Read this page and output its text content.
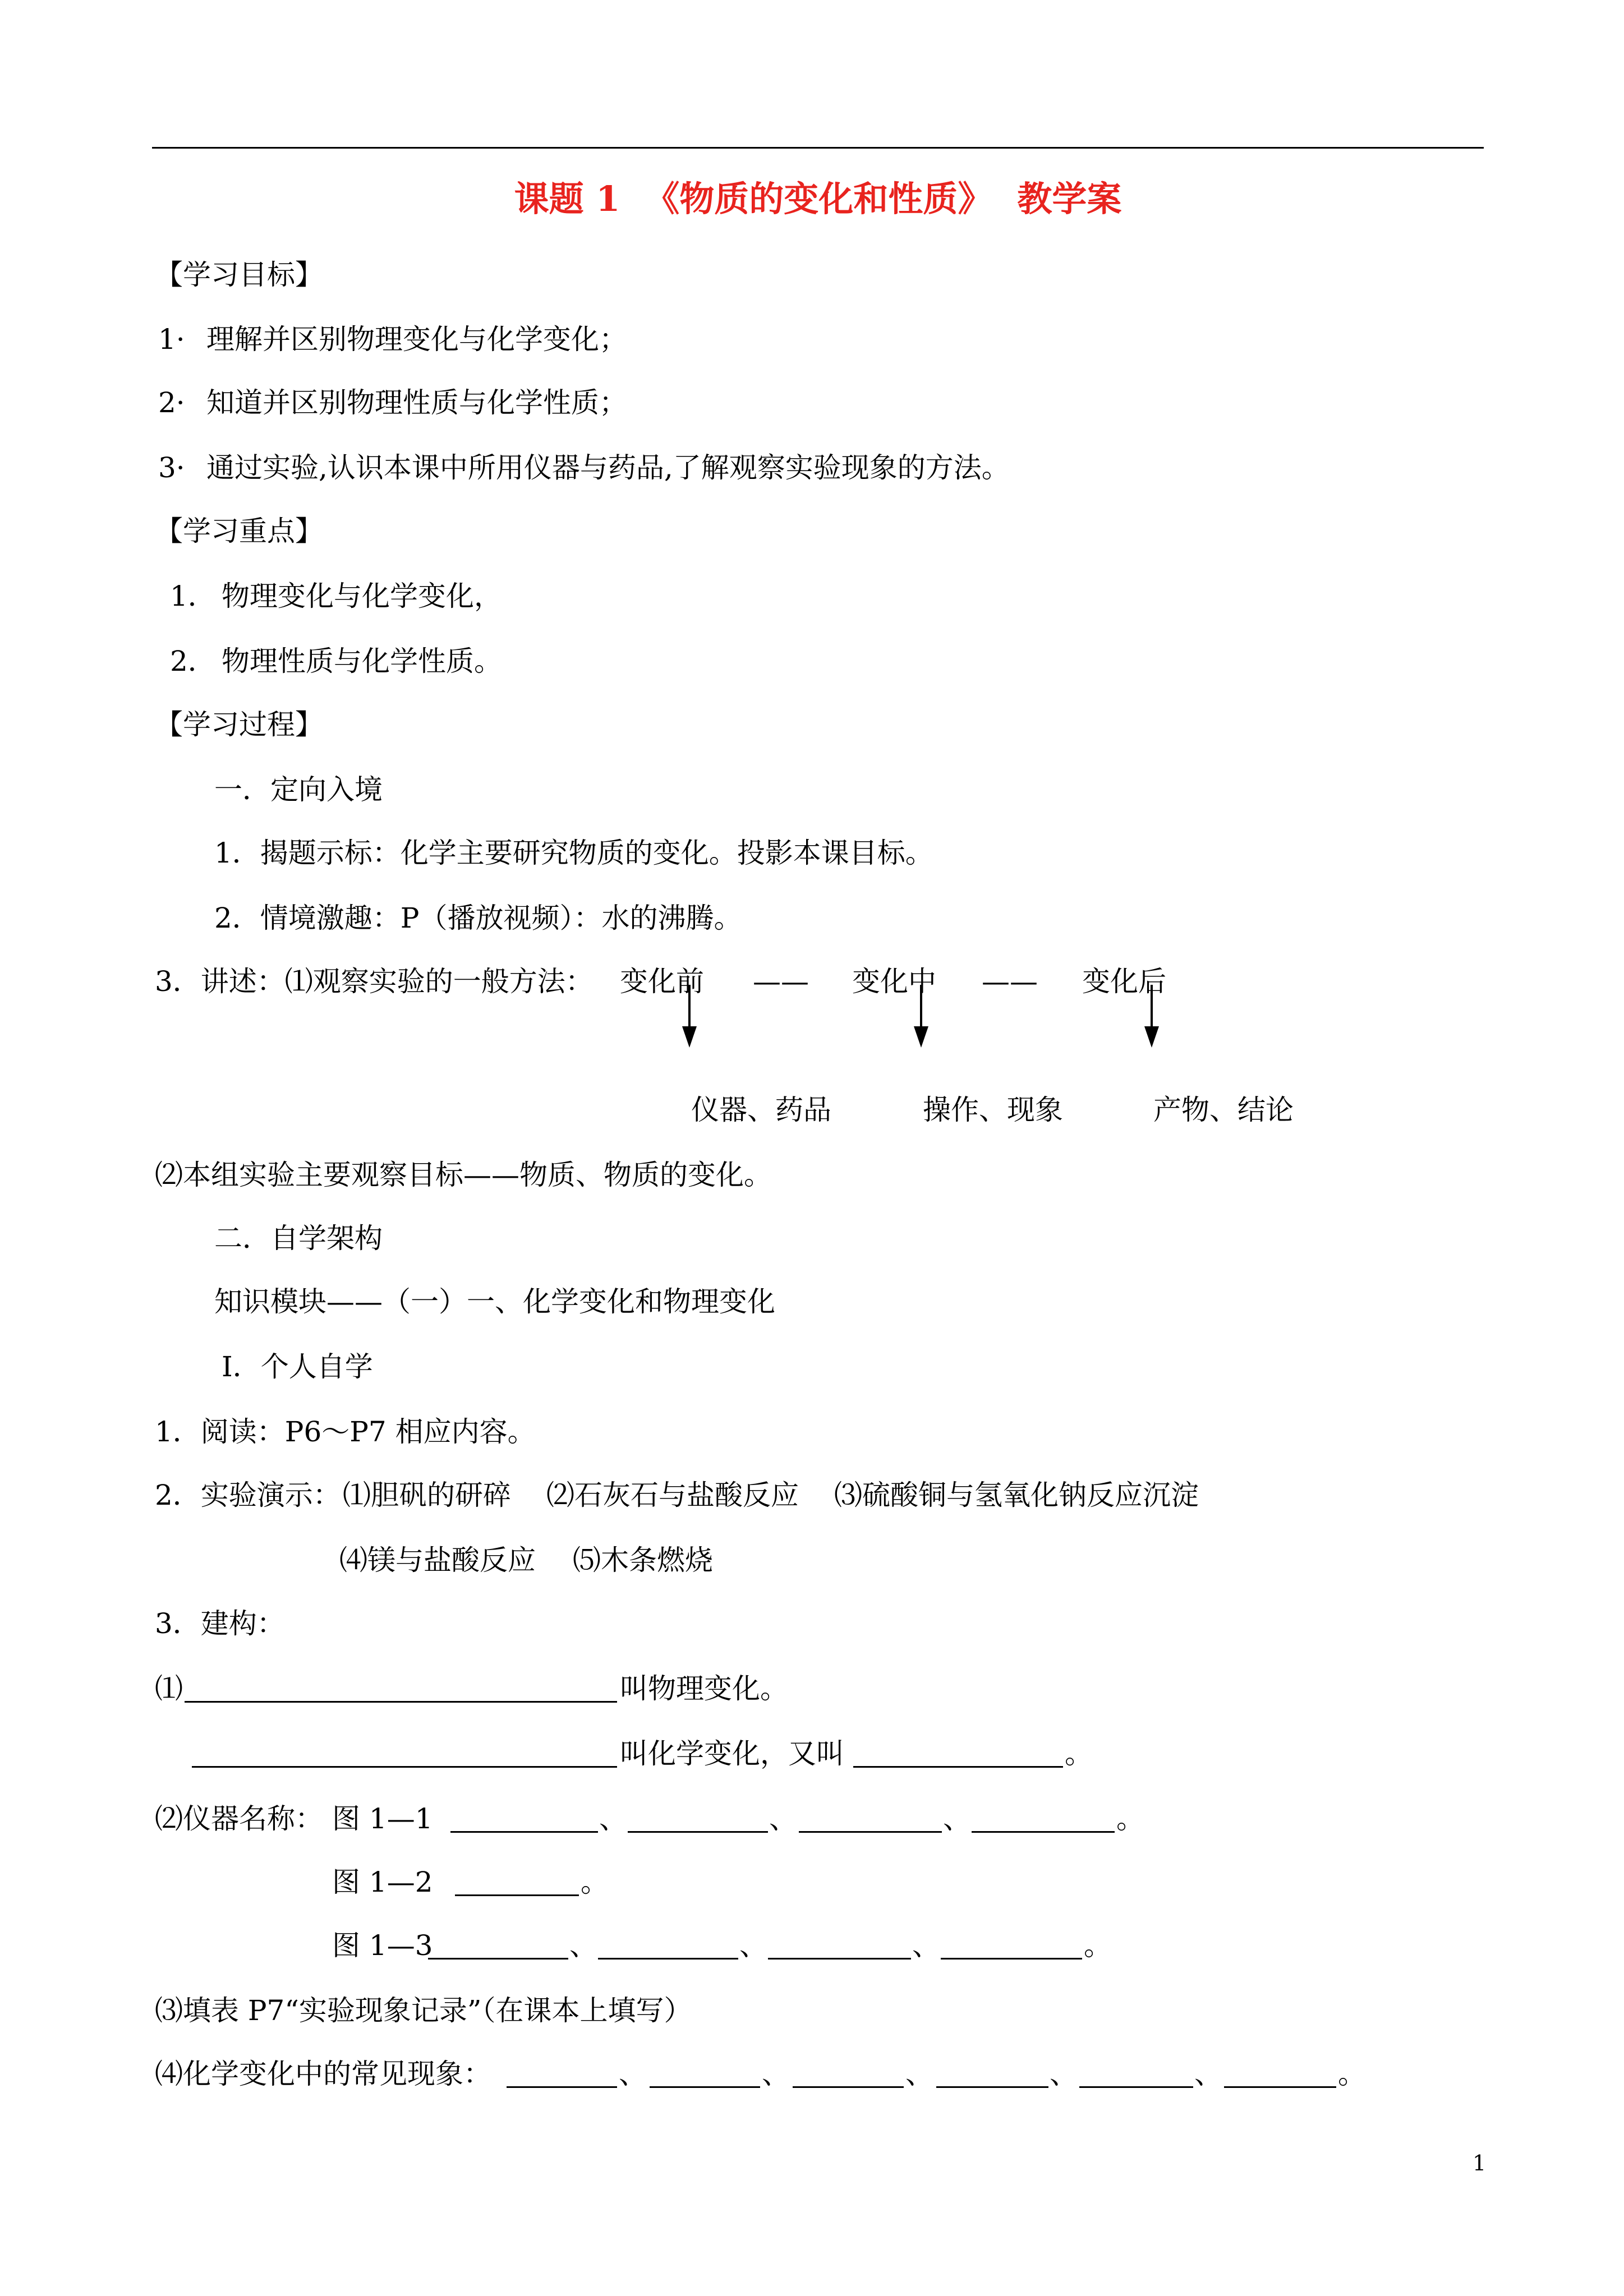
课题 1 《物质的变化和性质》 教学案
【学习目标】
1· 理解并区别物理变化与化学变化；
2· 知道并区别物理性质与化学性质；
3· 通过实验,认识本课中所用仪器与药品,了解观察实验现象的方法。
【学习重点】
1． 物理变化与化学变化，
2． 物理性质与化学性质。
【学习过程】
一．定向入境
1．揭题示标：化学主要研究物质的变化。投影本课目标。
2．情境激趣：P（播放视频）：水的沸腾。
3．讲述：⑴观察实验的一般方法： 变化前 —— 变化中 —— 变化后
仪器、药品	操作、现象	产物、结论
⑵本组实验主要观察目标——物质、物质的变化。
二．自学架构
知识模块——（一）一、化学变化和物理变化
Ⅰ．个人自学
1．阅读：P6～P7 相应内容。
2．实验演示： ⑴胆矾的研碎 ⑵石灰石与盐酸反应 ⑶硫酸铜与氢氧化钠反应沉淀
⑷镁与盐酸反应 ⑸木条燃烧
3．建构：
⑴	叫物理变化。
叫化学变化，又叫	。
⑵仪器名称： 图 1—1	、	、	、	。
图 1—2	。
图 1—3	、	、	、	。
⑶填表 P7“实验现象记录”（在课本上填写）
⑷化学变化中的常见现象：	、	、	、	、	、	。
1
